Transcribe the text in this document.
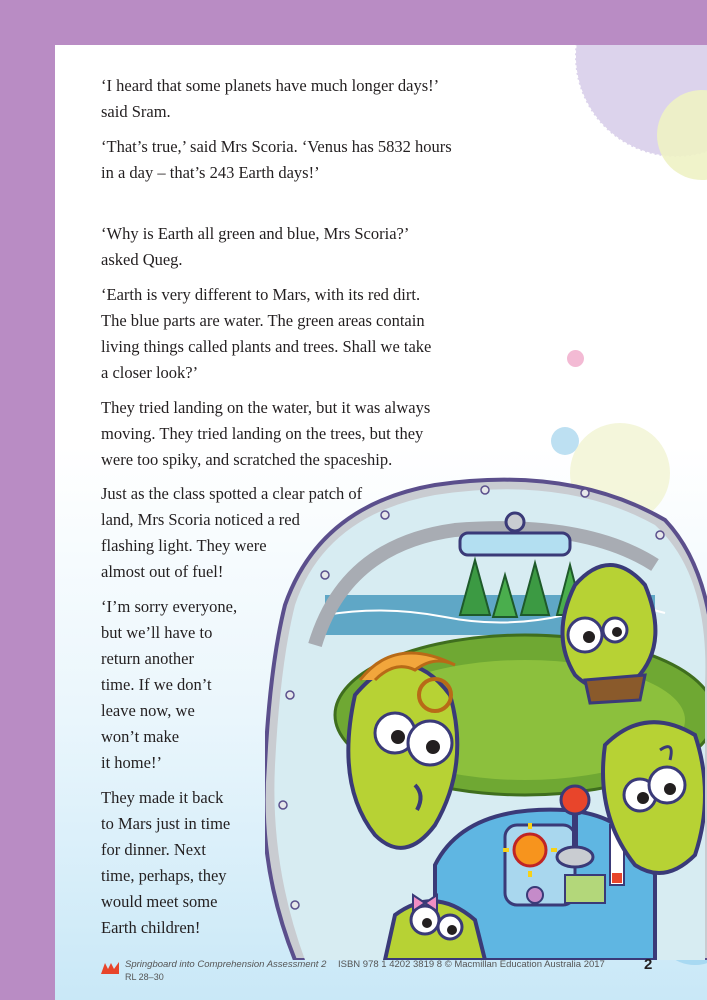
‘I heard that some planets have much longer days!’
said Sram.

‘That’s true,’ said Mrs Scoria. ‘Venus has 5832 hours
in a day – that’s 243 Earth days!’

‘Why is Earth all green and blue, Mrs Scoria?’
asked Queg.

‘Earth is very different to Mars, with its red dirt.
The blue parts are water. The green areas contain
living things called plants and trees. Shall we take
a closer look?’

They tried landing on the water, but it was always
moving. They tried landing on the trees, but they
were too spiky, and scratched the spaceship.

Just as the class spotted a clear patch of
land, Mrs Scoria noticed a red
flashing light. They were
almost out of fuel!

‘I’m sorry everyone,
but we’ll have to
return another
time. If we don’t
leave now, we
won’t make
it home!’

They made it back
to Mars just in time
for dinner. Next
time, perhaps, they
would meet some
Earth children!

Springboard into Comprehension Assessment 2 ISBN 978 1 4202 3819 8 © Macmillan Education Australia 2017
RL 28–30
2
